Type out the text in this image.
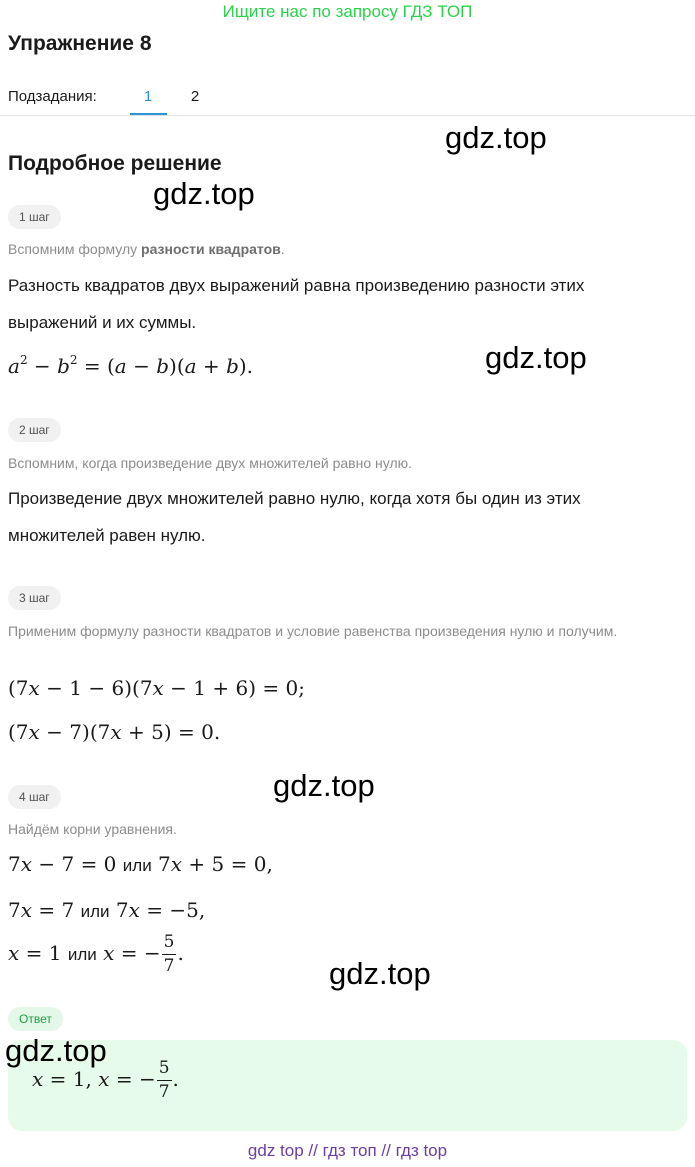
Ищите нас по запросу ГДЗ ТОП
Упражнение 8
Подзадания:	1	2
Подробное решение
1 шаг
Вспомним формулу разности квадратов.
Разность квадратов двух выражений равна произведению разности этих
выражений и их суммы.
$a^2 - b^2 = (a - b)(a + b)$.
2 шаг
Вспомним, когда произведение двух множителей равно нулю.
Произведение двух множителей равно нулю, когда хотя бы один из этих
множителей равен нулю.
3 шаг
Применим формулу разности квадратов и условие равенства произведения нулю и получим.
(7x − 1 − 6)(7x − 1 + 6) = 0;
(7x − 7)(7x + 5) = 0.
4 шаг
Найдём корни уравнения.
7x − 7 = 0 или 7x + 5 = 0,
7x = 7 или 7x = −5,
x = 1 или x = − $\frac{5}{7}$ .
Ответ
x = 1, x = − $\frac{5}{7}$ .
gdz.top
gdz.top
gdz.top
gdz.top
gdz.top
gdz.top
gdz top // гдз топ // гдз top
